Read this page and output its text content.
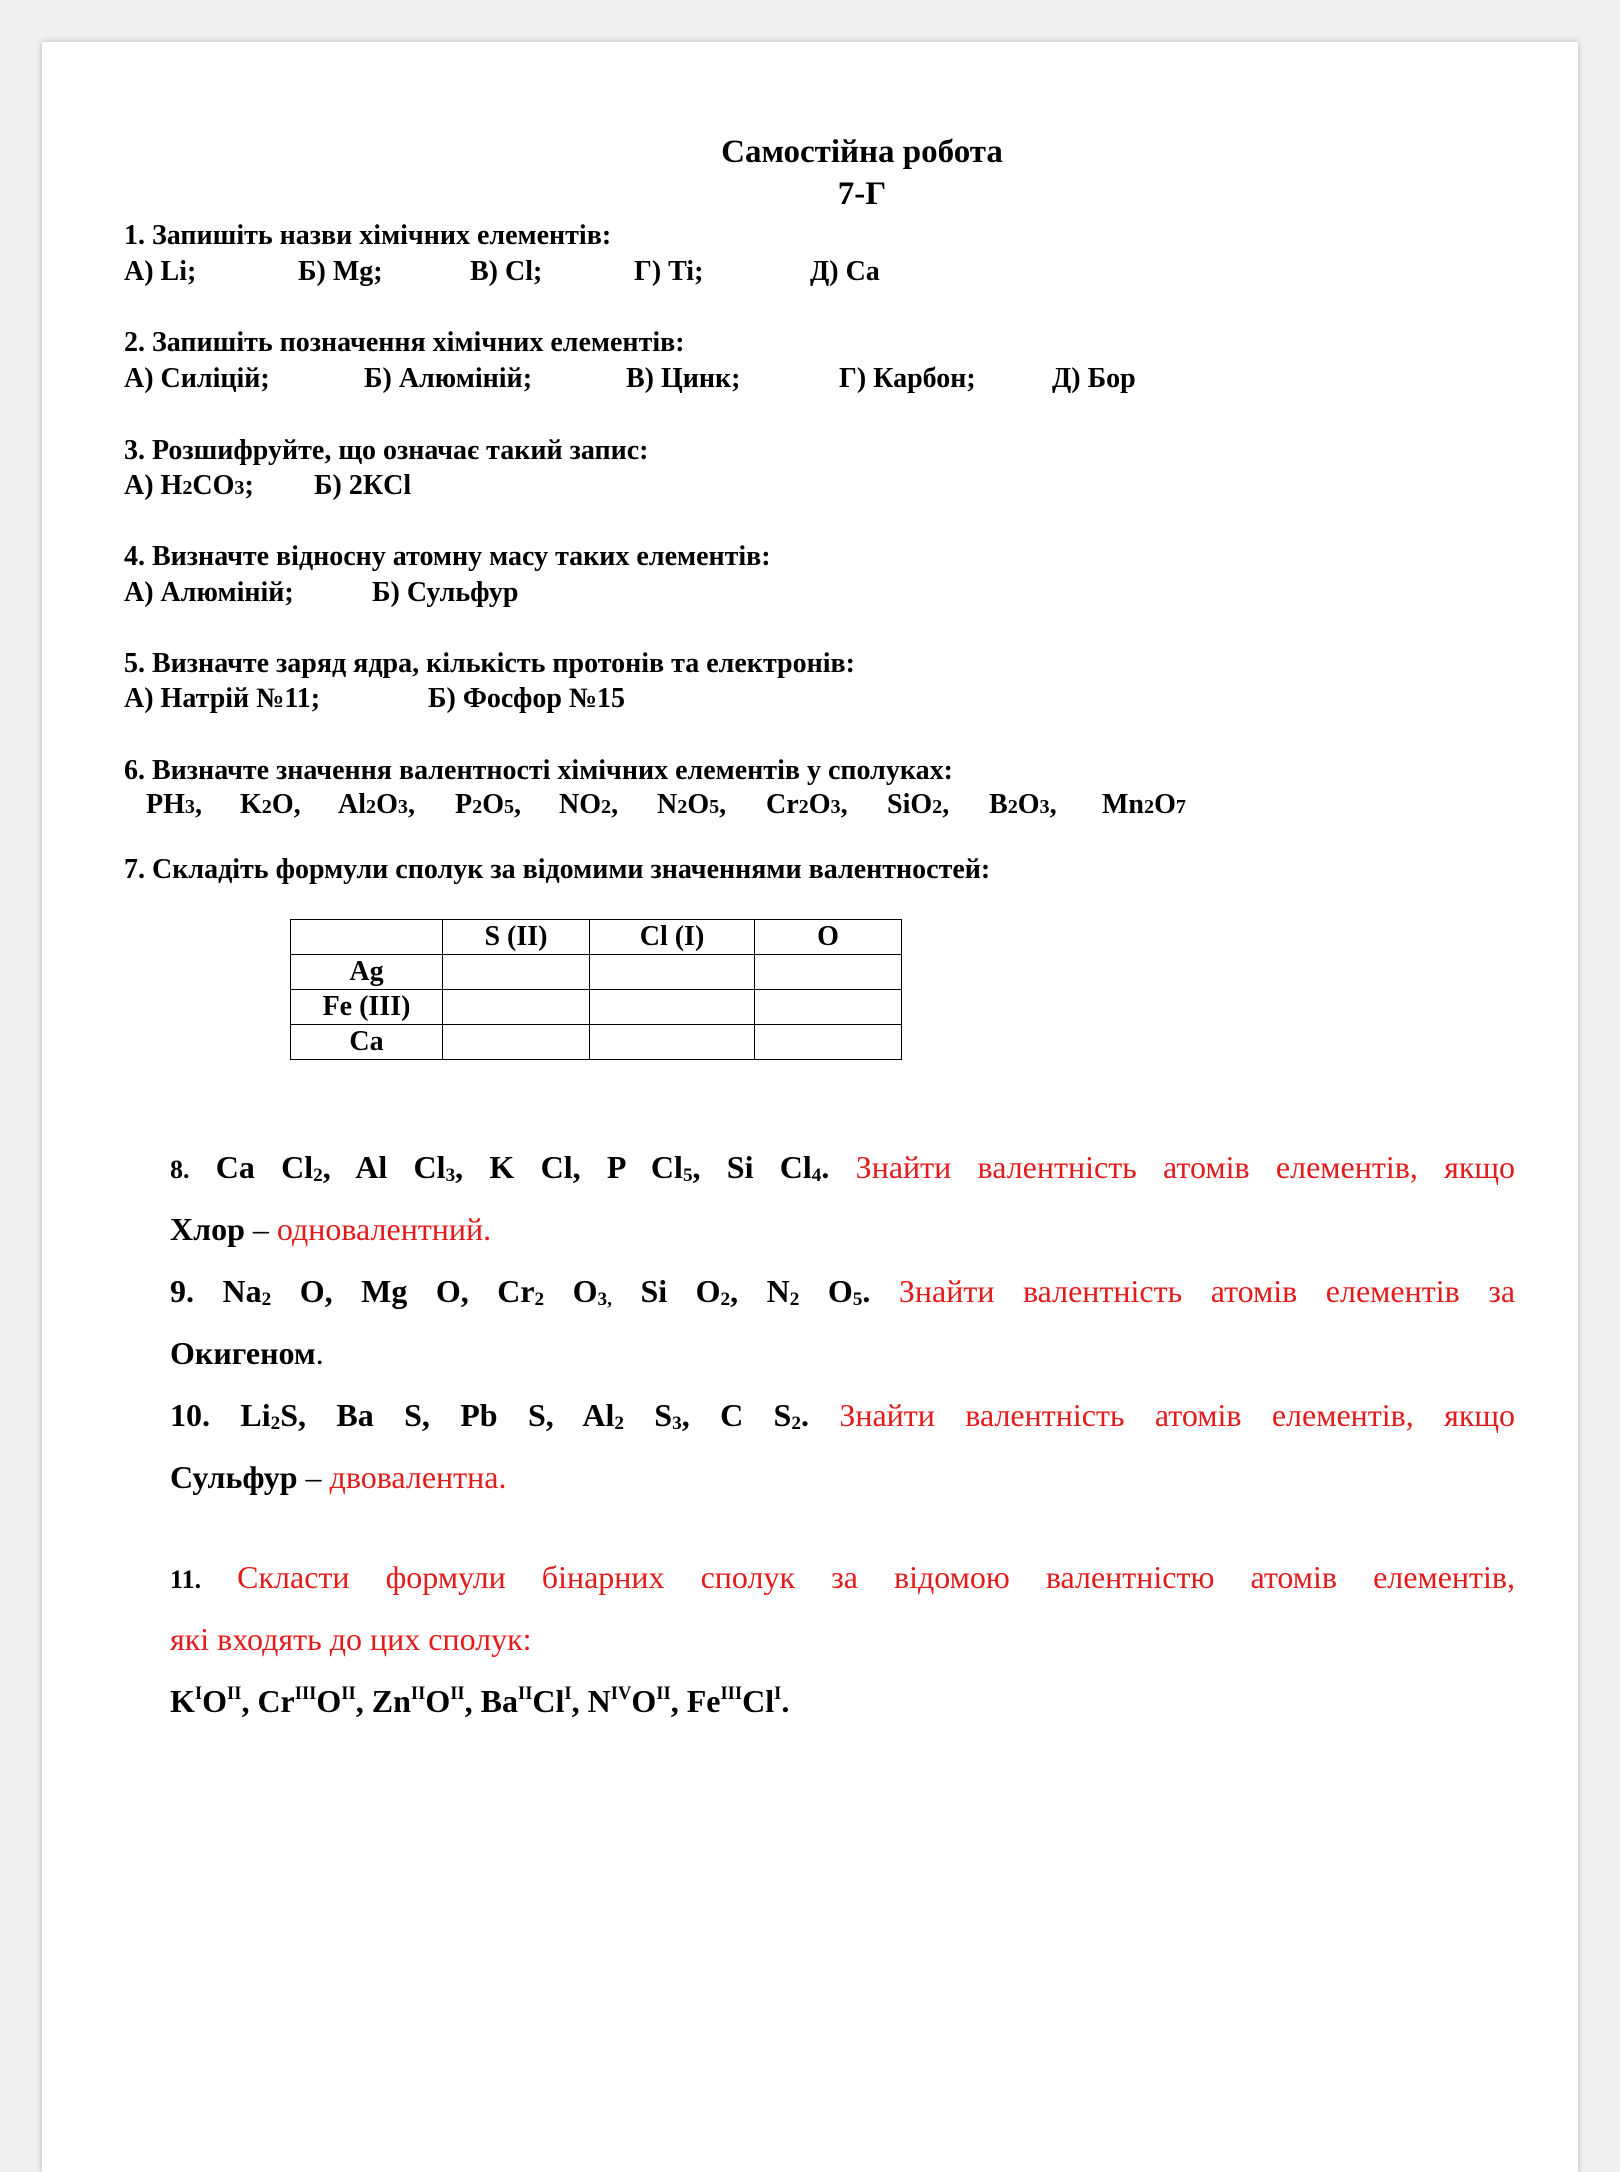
Самостійна робота
7-Г
1. Запишіть назви хімічних елементів:
А) Li;	Б) Mg;	В) Cl;	Г) Ti;	Д) Са
2. Запишіть позначення хімічних елементів:
А) Силіцій;	Б) Алюміній;	В) Цинк;	Г) Карбон;	Д) Бор
3. Розшифруйте, що означає такий запис:
А) Н2СО3; Б) 2КCl
4. Визначте відносну атомну масу таких елементів:
А) Алюміній;	Б) Сульфур
5. Визначте заряд ядра, кількість протонів та електронів:
А) Натрій №11;	Б) Фосфор №15
6. Визначте значення валентності хімічних елементів у сполуках:
PH3, K2O, Al2O3, P2O5, NO2, N2O5, Cr2O3, SiO2, B2O3, Mn2O7
7. Складіть формули сполук за відомими значеннями валентностей:
	S (II)	Cl (I)	O
Ag			
Fe (III)			
Ca			
8. Ca Cl2, Al Cl3, K Cl, P Cl5, Si Cl4. Знайти валентність атомів елементів, якщо
Хлор – одновалентний.
9. Na2 O, Mg O, Cr2 O3, Si O2, N2 O5. Знайти валентність атомів елементів за
Окигеном.
10. Li2S, Ba S, Pb S, Al2 S3, C S2. Знайти валентність атомів елементів, якщо
Сульфур – двовалентна.
11. Скласти формули бінарних сполук за відомою валентністю атомів елементів,
які входять до цих сполук:
$K^IO^{II}$, $Cr^{III}O^{II}$, $Zn^{II}O^{II}$, $Ba^{II}Cl^I$, $N^{IV}O^{II}$, $Fe^{III}Cl^I$.
